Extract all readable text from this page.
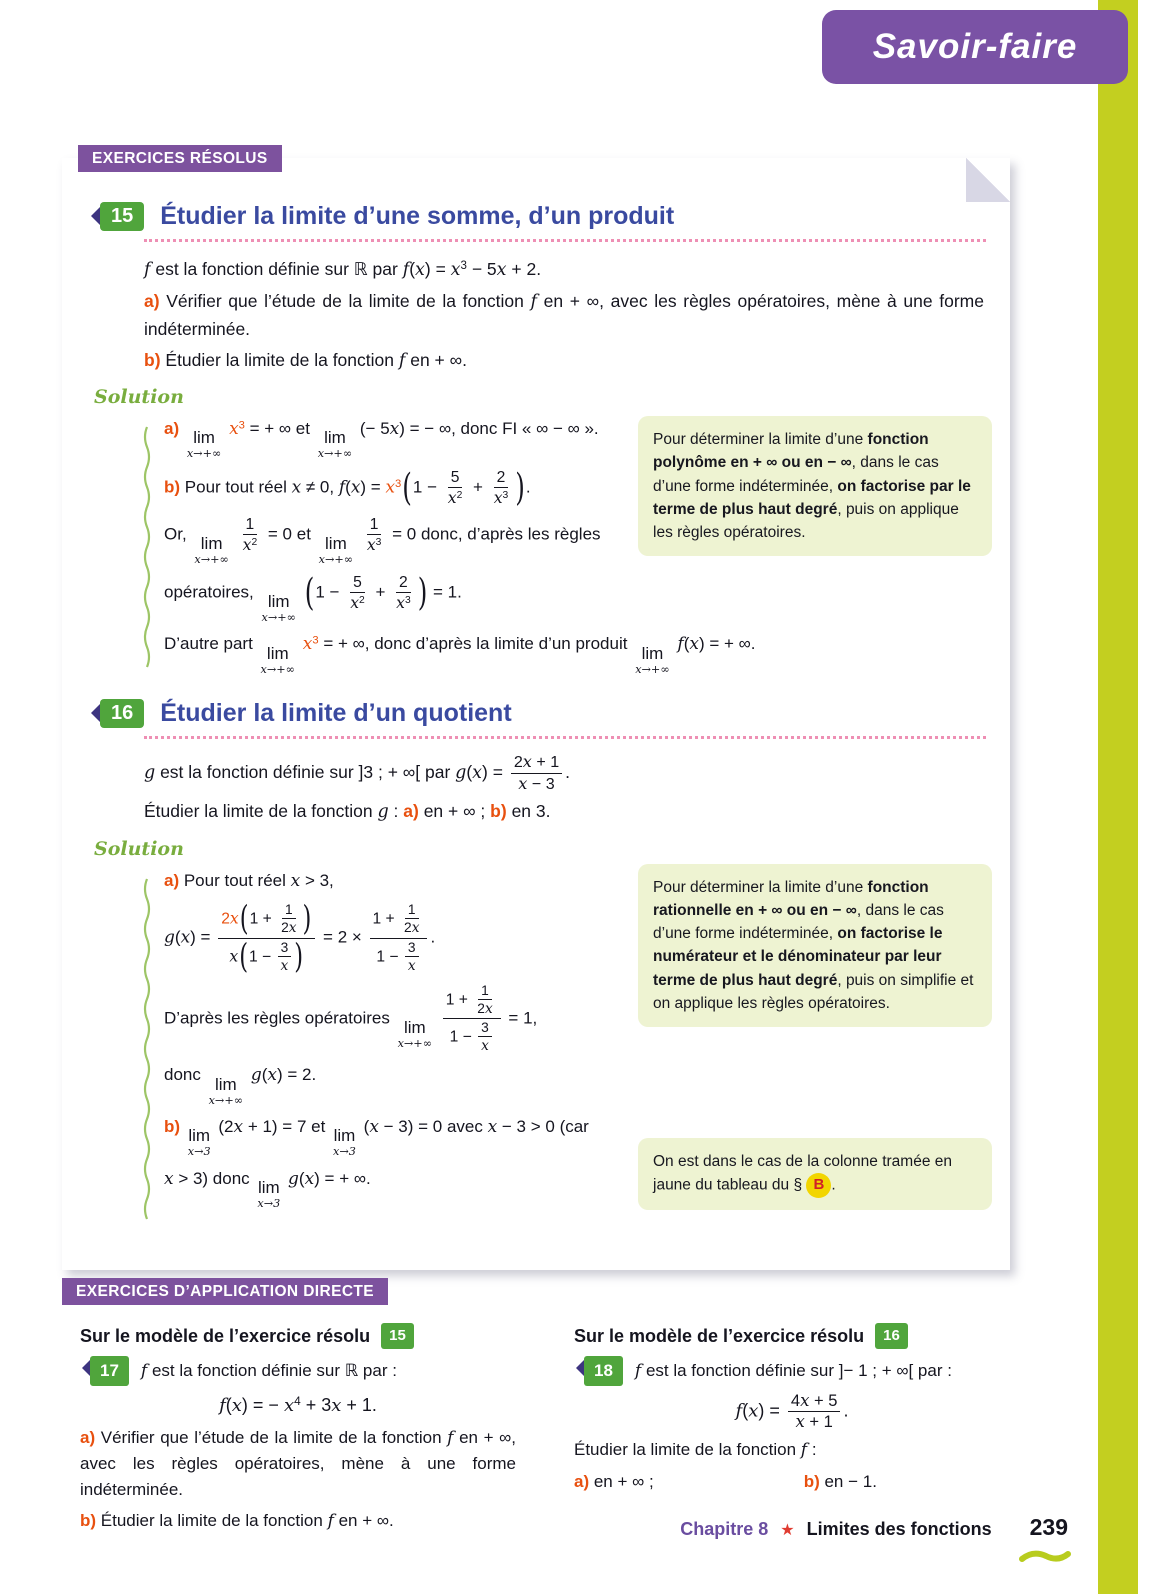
Savoir-faire
EXERCICES RÉSOLUS
15	Étudier la limite d’une somme, d’un produit

f est la fonction définie sur ℝ par $f(x) = x^3 - 5x + 2$.

a) Vérifier que l’étude de la limite de la fonction f en + ∞, avec les règles opératoires, mène à une forme indéterminée.

b) Étudier la limite de la fonction f en + ∞.

Solution
a) lim
x→+∞
$x^3$ = + ∞ et lim
x→+∞
(− 5x) = − ∞, donc FI « ∞ − ∞ ».
b) Pour tout réel x ≠ 0, $f(x) = x^3(1 - \frac{5}{x^2} + \frac{2}{x^3}$ ).
Or, lim
x→+∞

$\frac{1}{x^2} = 0$ et lim
x→+∞

$\frac{1}{x^3} = 0$ donc, d’après les règles
opératoires, lim
x→+∞
($1 - \frac{5}{x^2} + \frac{2}{x^3}$ ) = 1.
D’autre part lim
x→+∞
$x^3$ = + ∞, donc d’après la limite d’un produit lim
x→+∞
f(x) = + ∞.
Pour déterminer la limite d’une fonction polynôme en + ∞ ou en − ∞, dans le cas d’une forme indéterminée, on factorise par le terme de plus haut degré, puis on applique les règles opératoires.
16	Étudier la limite d’un quotient

g est la fonction définie sur ]3 ; + ∞[ par $g(x) = \frac{2x + 1}{x - 3}$ .

Étudier la limite de la fonction g : a) en + ∞ ; b) en 3.

Solution
a) Pour tout réel x > 3,
$g(x) = \frac{2x(1 + \frac{1}{2x} )}{x(1 - \frac{3}{x} )} = 2 \times \frac{1 + \frac{1}{2x}}{1 - \frac{3}{x}}$ .
D’après les règles opératoires lim
x→+∞
$\frac{1 + \frac{1}{2x}}{1 - \frac{3}{x}} = 1$,
donc lim
x→+∞
g(x) = 2.
b) lim
x→3
(2x + 1) = 7 et lim
x→3
(x − 3) = 0 avec x − 3 > 0 (car
x > 3) donc lim
x→3
g(x) = + ∞.
Pour déterminer la limite d’une fonction rationnelle en + ∞ ou en − ∞, dans le cas d’une forme indéterminée, on factorise le numérateur et le dénominateur par leur terme de plus haut degré, puis on simplifie et on applique les règles opératoires.
On est dans le cas de la colonne tramée en jaune du tableau du § B .
EXERCICES D’APPLICATION DIRECTE

Sur le modèle de l’exercice résolu 15

17	f est la fonction définie sur ℝ par :

f(x) = − $x^4 + 3x + 1$.

a) Vérifier que l’étude de la limite de la fonction f en + ∞, avec les règles opératoires, mène à une forme indéterminée.

b) Étudier la limite de la fonction f en + ∞.

Sur le modèle de l’exercice résolu 16

18	f est la fonction définie sur ]− 1 ; + ∞[ par :

$f(x) = \frac{4x + 5}{x + 1}$ .

Étudier la limite de la fonction f :

a) en + ∞ ;	b) en − 1.

Chapitre 8 ★ Limites des fonctions 239
